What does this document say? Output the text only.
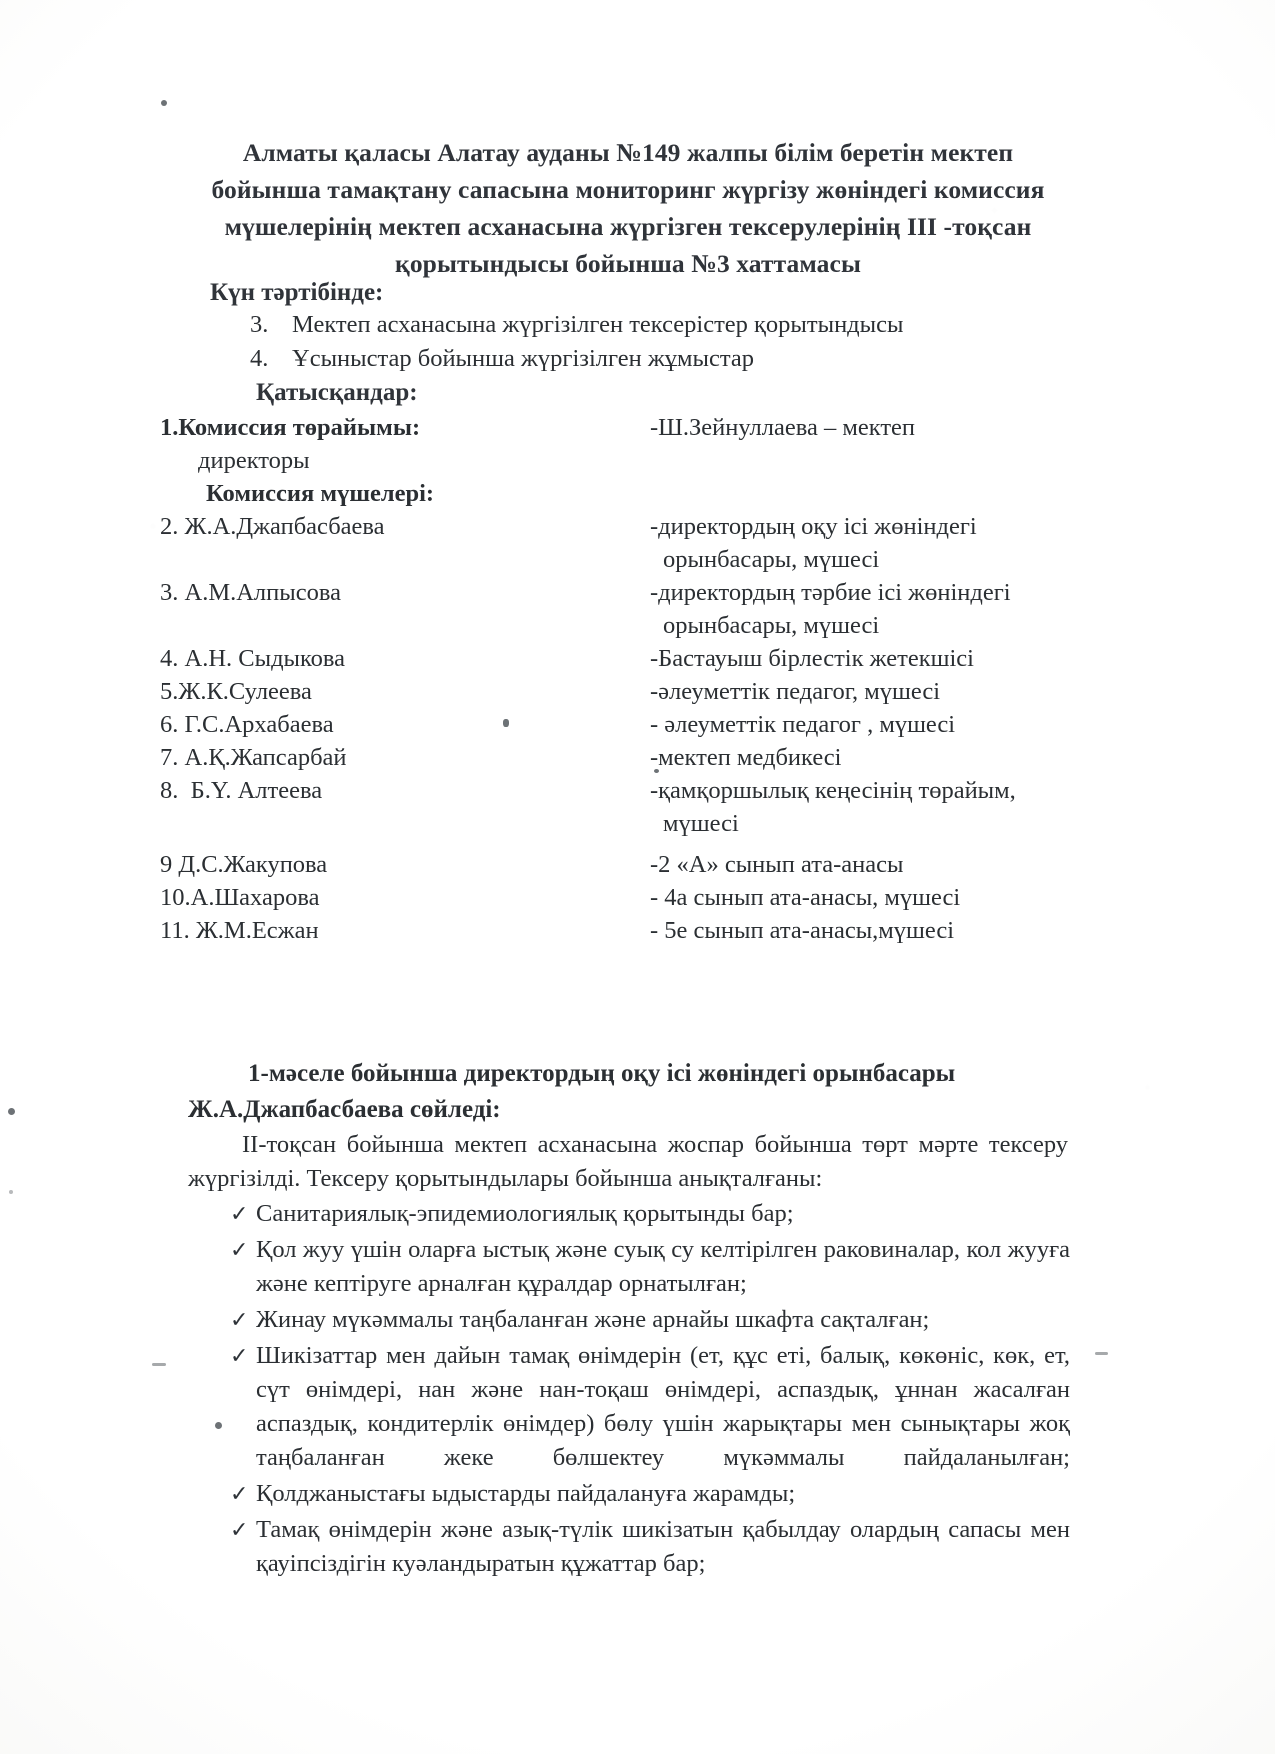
Алматы қаласы Алатау ауданы №149 жалпы білім беретін мектеп
бойынша тамақтану сапасына мониторинг жүргізу жөніндегі комиссия
мүшелерінің мектеп асханасына жүргізген тексерулерінің III -тоқсан
қорытындысы бойынша №3 хаттамасы
Күн тәртібінде:
3. Мектеп асханасына жүргізілген тексерістер қорытындысы
4. Ұсыныстар бойынша жүргізілген жұмыстар
Қатысқандар:
1.Комиссия төрайымы:	-Ш.Зейнуллаева – мектеп
директоры
Комиссия мүшелері:
2. Ж.А.Джапбасбаева	-директордың оқу ісі жөніндегі
орынбасары, мүшесі
3. А.М.Алпысова	-директордың тәрбие ісі жөніндегі
орынбасары, мүшесі
4. А.Н. Сыдыкова	-Бастауыш бірлестік жетекшісі
5.Ж.К.Сулеева	-әлеуметтік педагог, мүшесі
6. Г.С.Архабаева	- әлеуметтік педагог , мүшесі
7. А.Қ.Жапсарбай	-мектеп медбикесі
8.  Б.Y. Алтеева	-қамқоршылық кеңесінің төрайым,
мүшесі
9 Д.С.Жакупова	-2 «А» сынып ата-анасы
10.А.Шахарова	- 4а сынып ата-анасы, мүшесі
11. Ж.М.Есжан	- 5е сынып ата-анасы,мүшесі
1-мәселе бойынша директордың оқу ісі жөніндегі орынбасары
Ж.А.Джапбасбаева сөйледі:
II-тоқсан бойынша мектеп асханасына жоспар бойынша төрт мәрте тексеру жүргізілді. Тексеру қорытындылары бойынша анықталғаны:
✓ Санитариялық-эпидемиологиялық қорытынды бар;
✓ Қол жуу үшін оларға ыстық және суық су келтірілген раковиналар, кол жууға және кептіруге арналған құралдар орнатылған;
✓ Жинау мүкәммалы таңбаланған және арнайы шкафта сақталған;
✓ Шикізаттар мен дайын тамақ өнімдерін (ет, құс еті, балық, көкөніс, көк, ет, сүт өнімдері, нан және нан-тоқаш өнімдері, аспаздық, ұннан жасалған аспаздық, кондитерлік өнімдер) бөлу үшін жарықтары мен сынықтары жоқ таңбаланған жеке бөлшектеу мүкәммалы пайдаланылған;
✓ Қолджаныстағы ыдыстарды пайдалануға жарамды;
✓ Тамақ өнімдерін және азық-түлік шикізатын қабылдау олардың сапасы мен қауіпсіздігін куәландыратын құжаттар бар;
